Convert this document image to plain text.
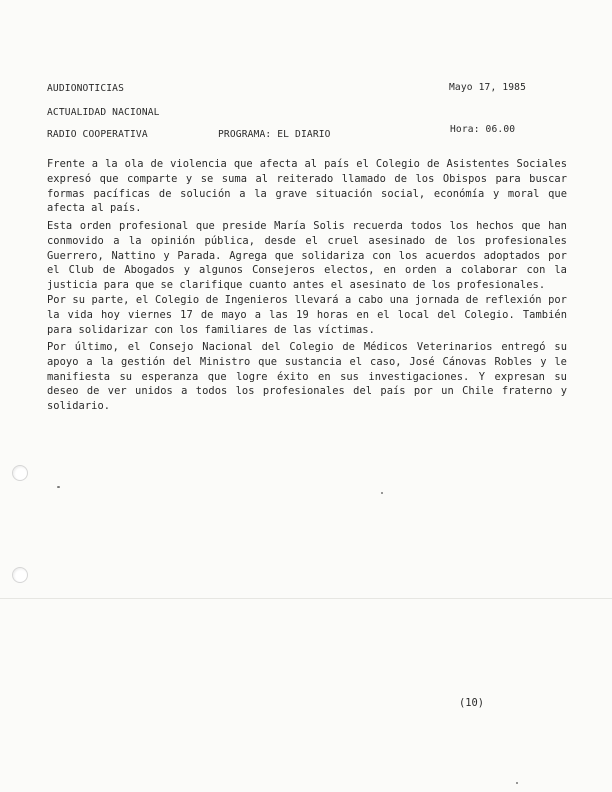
AUDIONOTICIAS	Mayo 17, 1985
ACTUALIDAD NACIONAL
RADIO COOPERATIVA	PROGRAMA: EL DIARIO	Hora: 06.00
Frente a la ola de violencia que afecta al país el Colegio de Asistentes Sociales expresó que comparte y se suma al reiterado llamado de los Obispos para buscar formas pacíficas de solución a la grave situación social, económía y moral que afecta al país.
Esta orden profesional que preside María Solis recuerda todos los hechos que han conmovido a la opinión pública, desde el cruel asesinado de los profesionales Guerrero, Nattino y Parada. Agrega que solidariza con los acuerdos adoptados por el Club de Abogados y algunos Consejeros electos, en orden a colaborar con la justicia para que se clarifique cuanto antes el asesinato de los profesionales.
Por su parte, el Colegio de Ingenieros llevará a cabo una jornada de reflexión por la vida hoy viernes 17 de mayo a las 19 horas en el local del Colegio. También para solidarizar con los familiares de las víctimas.
Por último, el Consejo Nacional del Colegio de Médicos Veterinarios entregó su apoyo a la gestión del Ministro que sustancia el caso, José Cánovas Robles y le manifiesta su esperanza que logre éxito en sus investigaciones. Y expresan su deseo de ver unidos a todos los profesionales del país por un Chile fraterno y solidario.
(10)
